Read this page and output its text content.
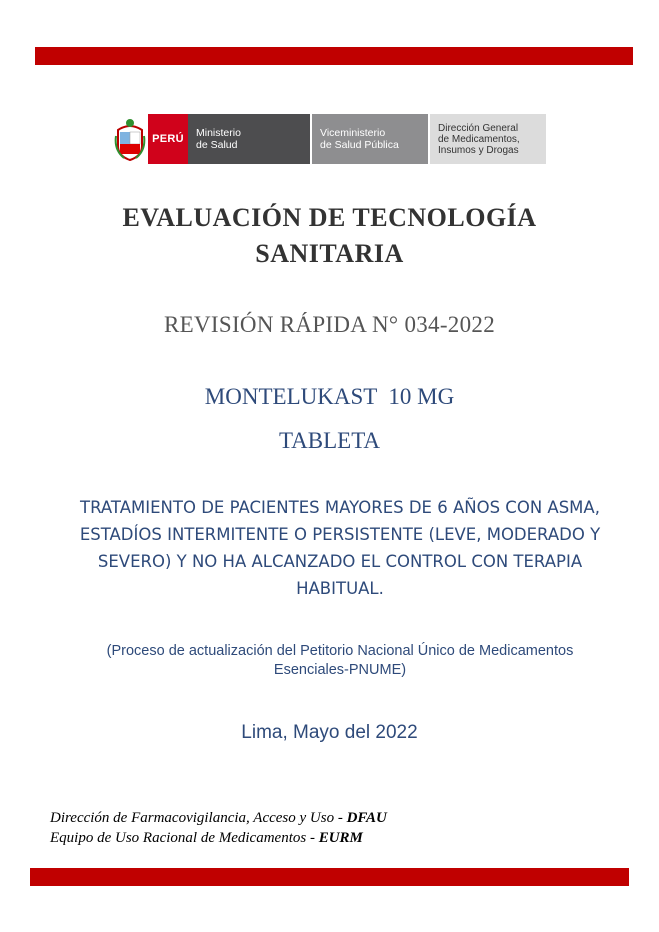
PERÚ	Ministerio
de Salud
Viceministerio
de Salud Pública
Dirección General
de Medicamentos,
Insumos y Drogas
EVALUACIÓN DE TECNOLOGÍA
SANITARIA
REVISIÓN RÁPIDA N° 034-2022
MONTELUKAST  10 MG
TABLETA
TRATAMIENTO DE PACIENTES MAYORES DE 6 AÑOS CON ASMA, ESTADÍOS INTERMITENTE O PERSISTENTE (LEVE, MODERADO Y SEVERO) Y NO HA ALCANZADO EL CONTROL CON TERAPIA HABITUAL.
(Proceso de actualización del Petitorio Nacional Único de Medicamentos Esenciales-PNUME)
Lima, Mayo del 2022
Dirección de Farmacovigilancia, Acceso y Uso - DFAU
Equipo de Uso Racional de Medicamentos - EURM
